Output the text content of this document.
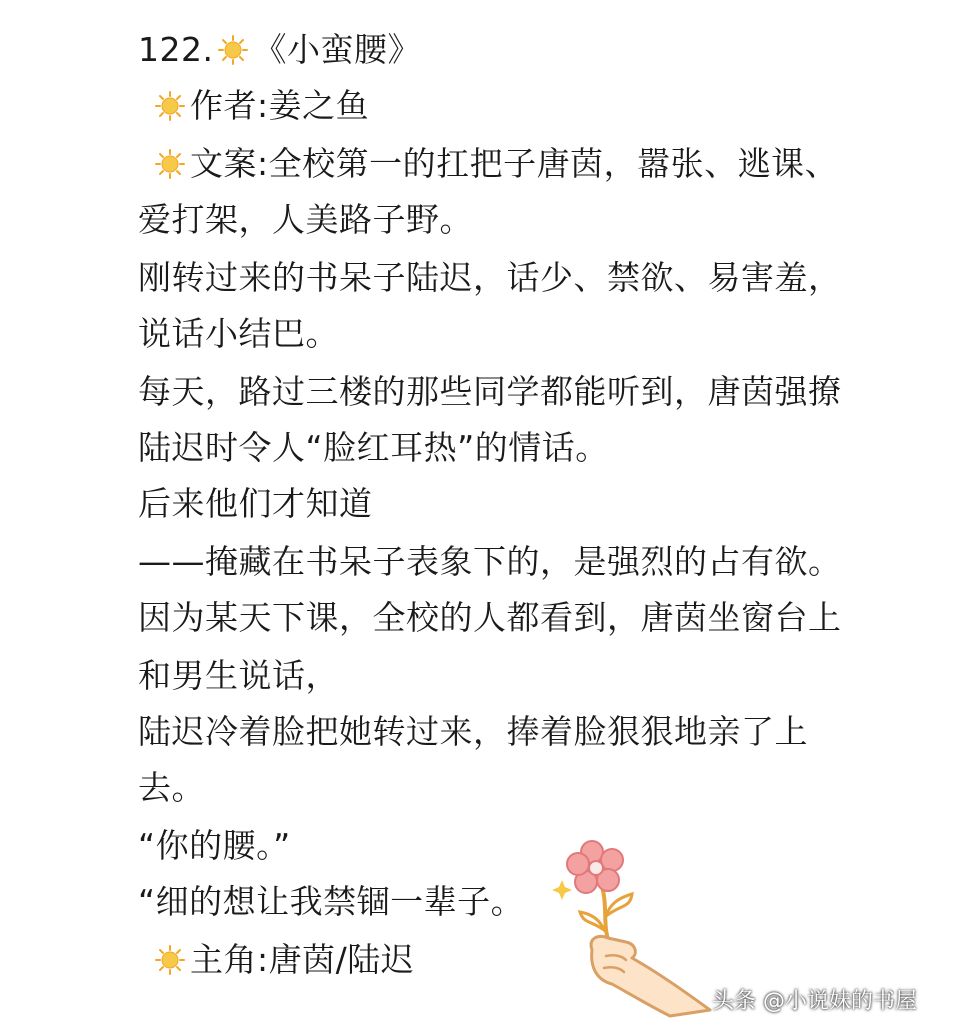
122. 《小蛮腰》
作者:姜之鱼
文案:全校第一的扛把子唐茵，嚣张、逃课、
爱打架，人美路子野。
刚转过来的书呆子陆迟，话少、禁欲、易害羞，
说话小结巴。
每天，路过三楼的那些同学都能听到，唐茵强撩
陆迟时令人“脸红耳热”的情话。
后来他们才知道
——掩藏在书呆子表象下的，是强烈的占有欲。
因为某天下课，全校的人都看到，唐茵坐窗台上
和男生说话，
陆迟冷着脸把她转过来，捧着脸狠狠地亲了上
去。
“你的腰。”
“细的想让我禁锢一辈子。
主角:唐茵/陆迟
头条 @小说妹的书屋
